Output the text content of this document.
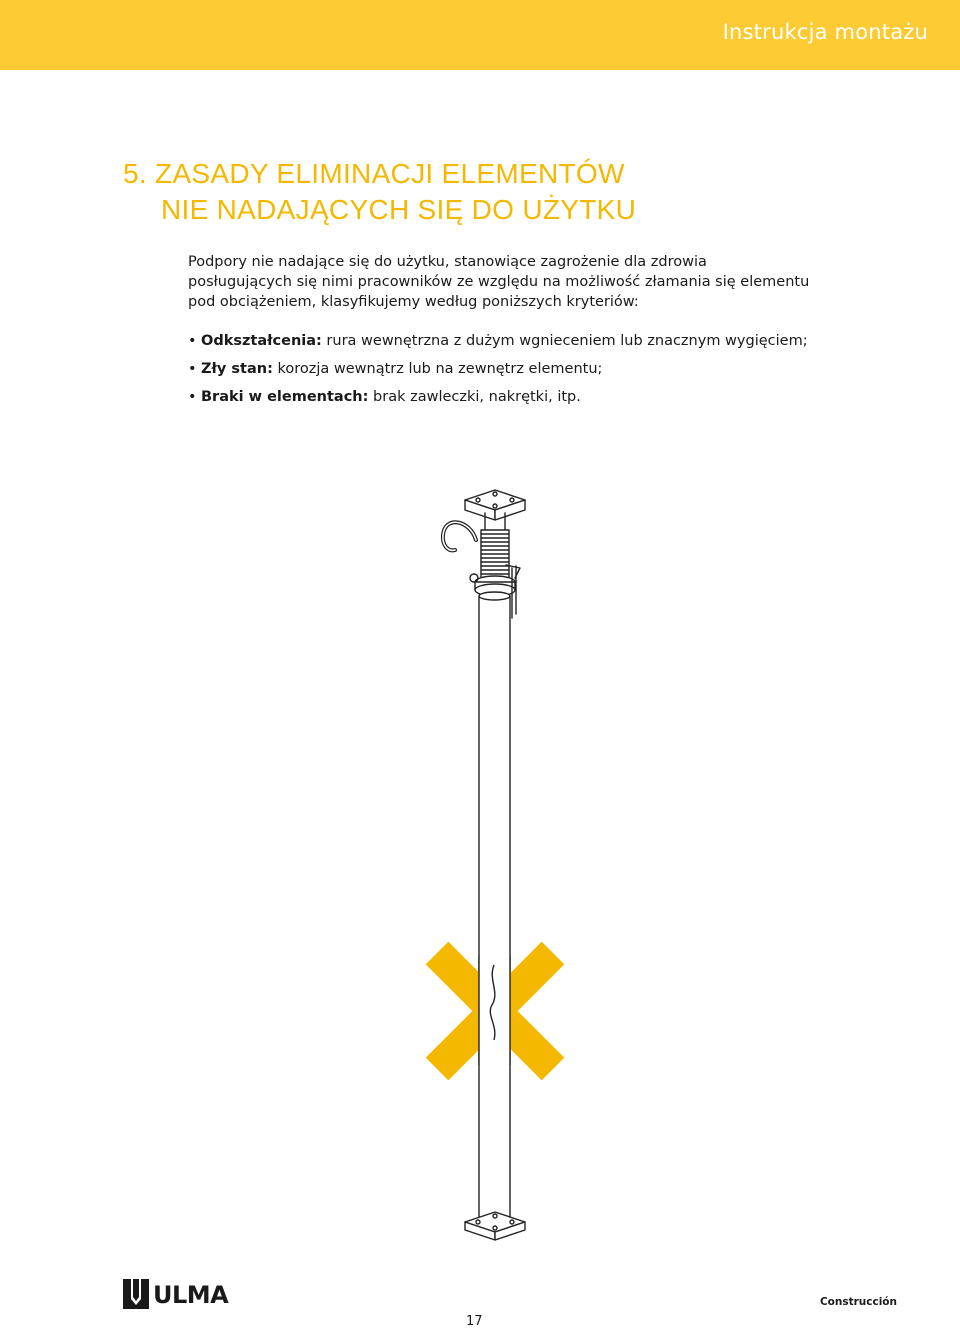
Instrukcja montażu
5. ZASADY ELIMINACJI ELEMENTÓW
NIE NADAJĄCYCH SIĘ DO UŻYTKU

Podpory nie nadające się do użytku, stanowiące zagrożenie dla zdrowia
posługujących się nimi pracowników ze względu na możliwość złamania się elementu
pod obciążeniem, klasyfikujemy według poniższych kryteriów:

• Odkształcenia: rura wewnętrzna z dużym wgnieceniem lub znacznym wygięciem;
• Zły stan: korozja wewnątrz lub na zewnętrz elementu;
• Braki w elementach: brak zawleczki, nakrętki, itp.
ULMA	Construcción
17
